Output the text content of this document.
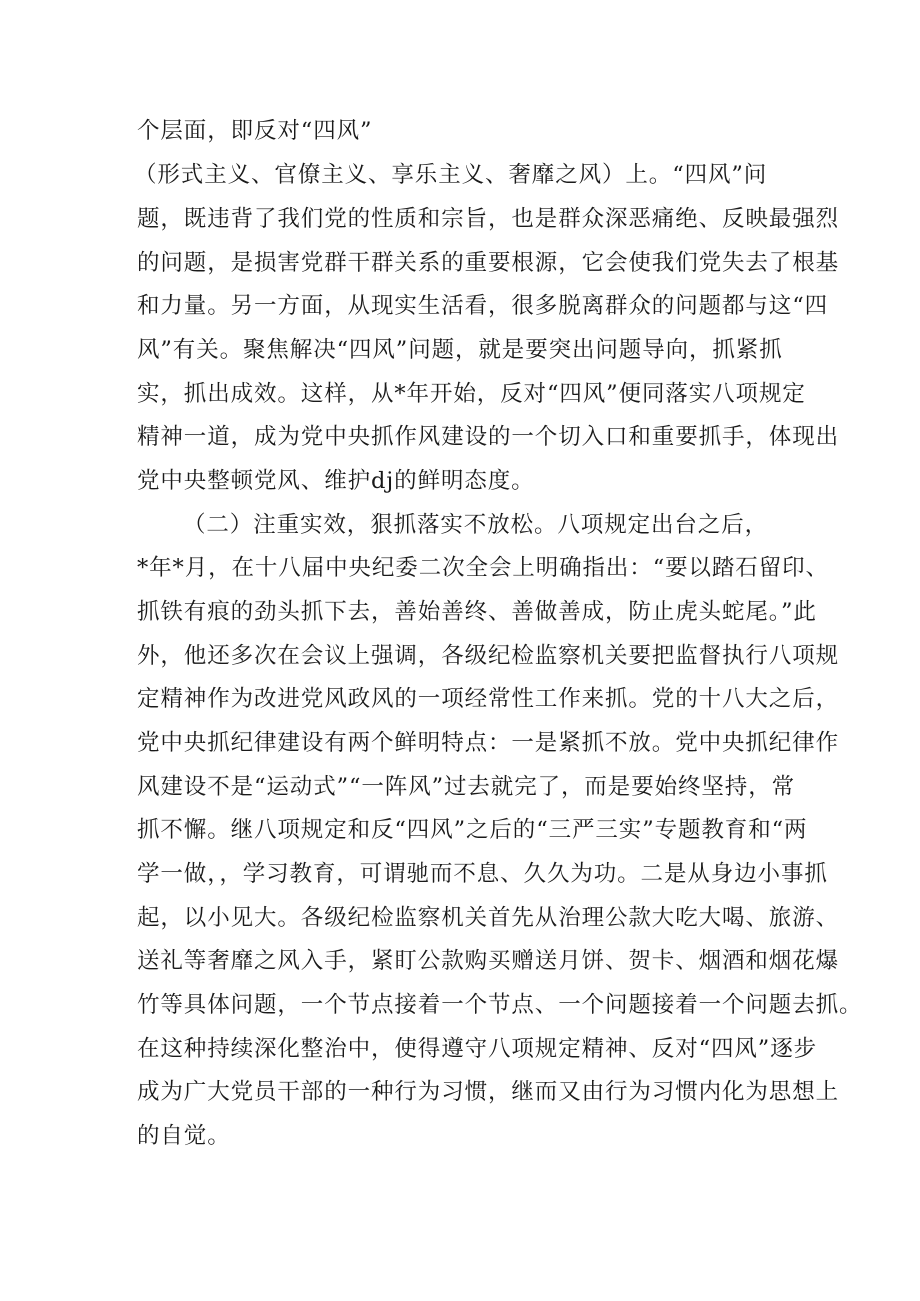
个层面，即反对“四风”
（形式主义、官僚主义、享乐主义、奢靡之风）上。“四风”问
题，既违背了我们党的性质和宗旨，也是群众深恶痛绝、反映最强烈
的问题，是损害党群干群关系的重要根源，它会使我们党失去了根基
和力量。另一方面，从现实生活看，很多脱离群众的问题都与这“四
风”有关。聚焦解决“四风”问题，就是要突出问题导向，抓紧抓
实，抓出成效。这样，从*年开始，反对“四风”便同落实八项规定
精神一道，成为党中央抓作风建设的一个切入口和重要抓手，体现出
党中央整顿党风、维护dj的鲜明态度。
（二）注重实效，狠抓落实不放松。八项规定出台之后，
*年*月，在十八届中央纪委二次全会上明确指出：“要以踏石留印、
抓铁有痕的劲头抓下去，善始善终、善做善成，防止虎头蛇尾。”此
外，他还多次在会议上强调，各级纪检监察机关要把监督执行八项规
定精神作为改进党风政风的一项经常性工作来抓。党的十八大之后，
党中央抓纪律建设有两个鲜明特点：一是紧抓不放。党中央抓纪律作
风建设不是“运动式”“一阵风”过去就完了，而是要始终坚持，常
抓不懈。继八项规定和反“四风”之后的“三严三实”专题教育和“两
学一做，，学习教育，可谓驰而不息、久久为功。二是从身边小事抓
起，以小见大。各级纪检监察机关首先从治理公款大吃大喝、旅游、
送礼等奢靡之风入手，紧盯公款购买赠送月饼、贺卡、烟酒和烟花爆
竹等具体问题，一个节点接着一个节点、一个问题接着一个问题去抓。
在这种持续深化整治中，使得遵守八项规定精神、反对“四风”逐步
成为广大党员干部的一种行为习惯，继而又由行为习惯内化为思想上
的自觉。
